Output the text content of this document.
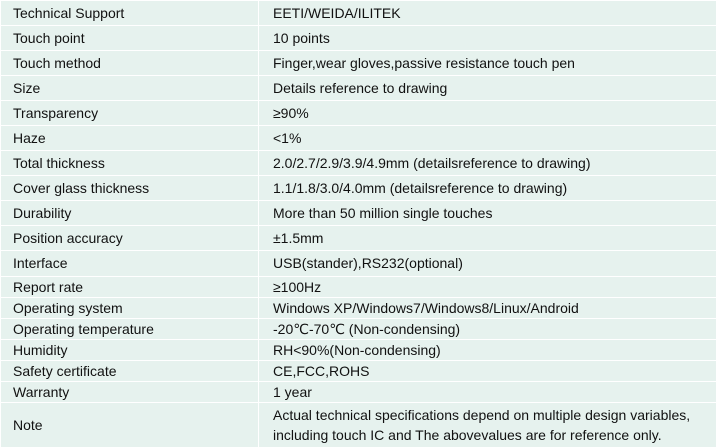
Technical Support	EETI/WEIDA/ILITEK
Touch point	10 points
Touch method	Finger,wear gloves,passive resistance touch pen
Size	Details reference to drawing
Transparency	≥90%
Haze	<1%
Total thickness	2.0/2.7/2.9/3.9/4.9mm (detailsreference to drawing)
Cover glass thickness	1.1/1.8/3.0/4.0mm (detailsreference to drawing)
Durability	More than 50 million single touches
Position accuracy	±1.5mm
Interface	USB(stander),RS232(optional)
Report rate	≥100Hz
Operating system	Windows XP/Windows7/Windows8/Linux/Android
Operating temperature	-20℃-70℃ (Non-condensing)
Humidity	RH<90%(Non-condensing)
Safety certificate	CE,FCC,ROHS
Warranty	1 year
Note	Actual technical specifications depend on multiple design variables, including touch IC and The abovevalues are for reference only.
